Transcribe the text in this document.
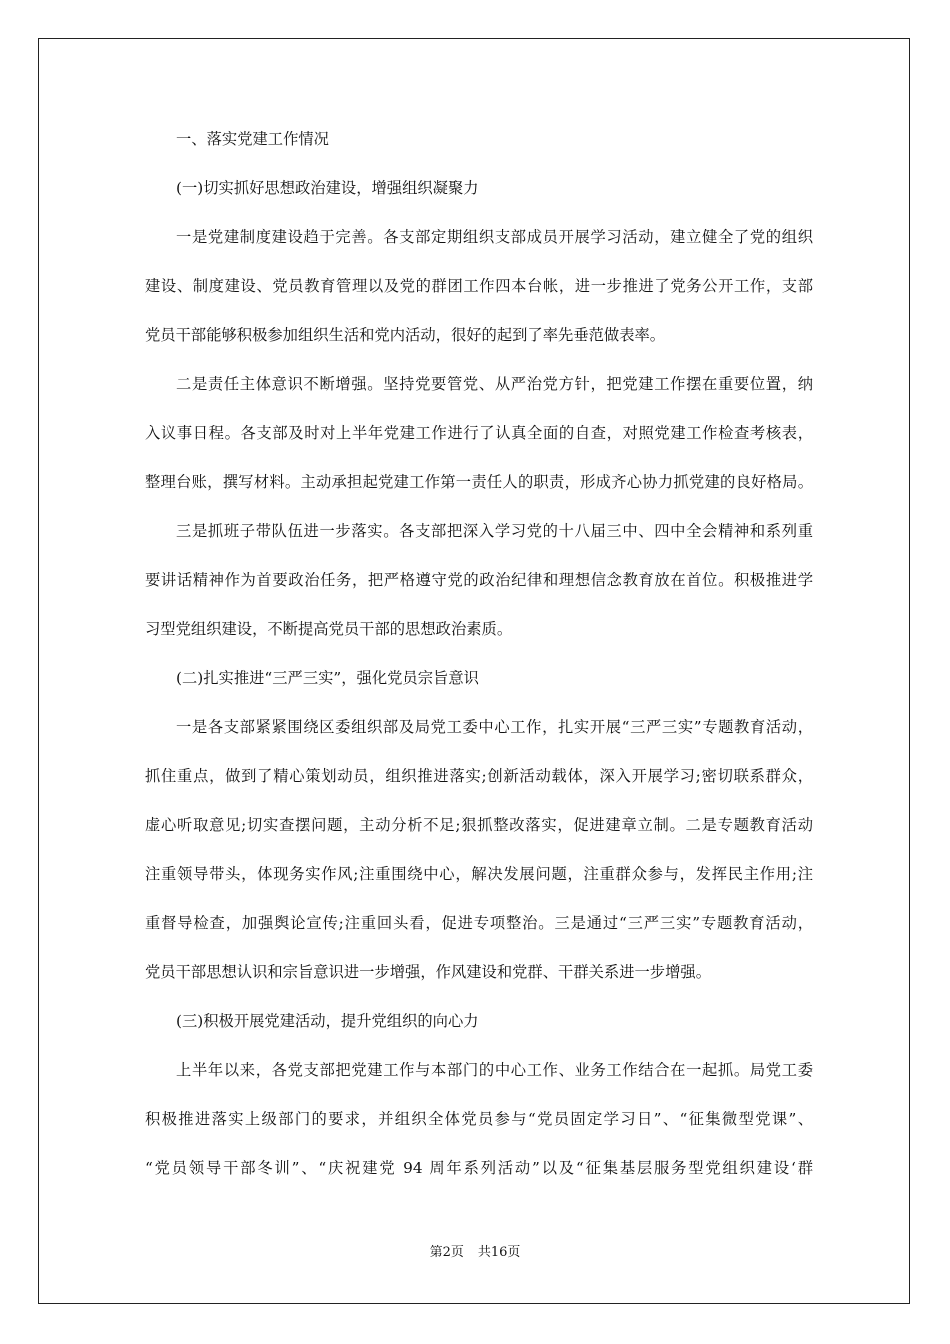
一、落实党建工作情况
(一)切实抓好思想政治建设，增强组织凝聚力
一是党建制度建设趋于完善。各支部定期组织支部成员开展学习活动，建立健全了党的组织
建设、制度建设、党员教育管理以及党的群团工作四本台帐，进一步推进了党务公开工作，支部
党员干部能够积极参加组织生活和党内活动，很好的起到了率先垂范做表率。
二是责任主体意识不断增强。坚持党要管党、从严治党方针，把党建工作摆在重要位置，纳
入议事日程。各支部及时对上半年党建工作进行了认真全面的自查，对照党建工作检查考核表，
整理台账，撰写材料。主动承担起党建工作第一责任人的职责，形成齐心协力抓党建的良好格局。
三是抓班子带队伍进一步落实。各支部把深入学习党的十八届三中、四中全会精神和系列重
要讲话精神作为首要政治任务，把严格遵守党的政治纪律和理想信念教育放在首位。积极推进学
习型党组织建设，不断提高党员干部的思想政治素质。
(二)扎实推进“三严三实”，强化党员宗旨意识
一是各支部紧紧围绕区委组织部及局党工委中心工作，扎实开展“三严三实”专题教育活动，
抓住重点，做到了精心策划动员，组织推进落实;创新活动载体，深入开展学习;密切联系群众，
虚心听取意见;切实查摆问题，主动分析不足;狠抓整改落实，促进建章立制。二是专题教育活动
注重领导带头，体现务实作风;注重围绕中心，解决发展问题，注重群众参与，发挥民主作用;注
重督导检查，加强舆论宣传;注重回头看，促进专项整治。三是通过“三严三实”专题教育活动，
党员干部思想认识和宗旨意识进一步增强，作风建设和党群、干群关系进一步增强。
(三)积极开展党建活动，提升党组织的向心力
上半年以来，各党支部把党建工作与本部门的中心工作、业务工作结合在一起抓。局党工委
积极推进落实上级部门的要求，并组织全体党员参与“党员固定学习日”、“征集微型党课”、
“党员领导干部冬训”、“庆祝建党 94 周年系列活动”以及“征集基层服务型党组织建设‘群
第2页 共16页
